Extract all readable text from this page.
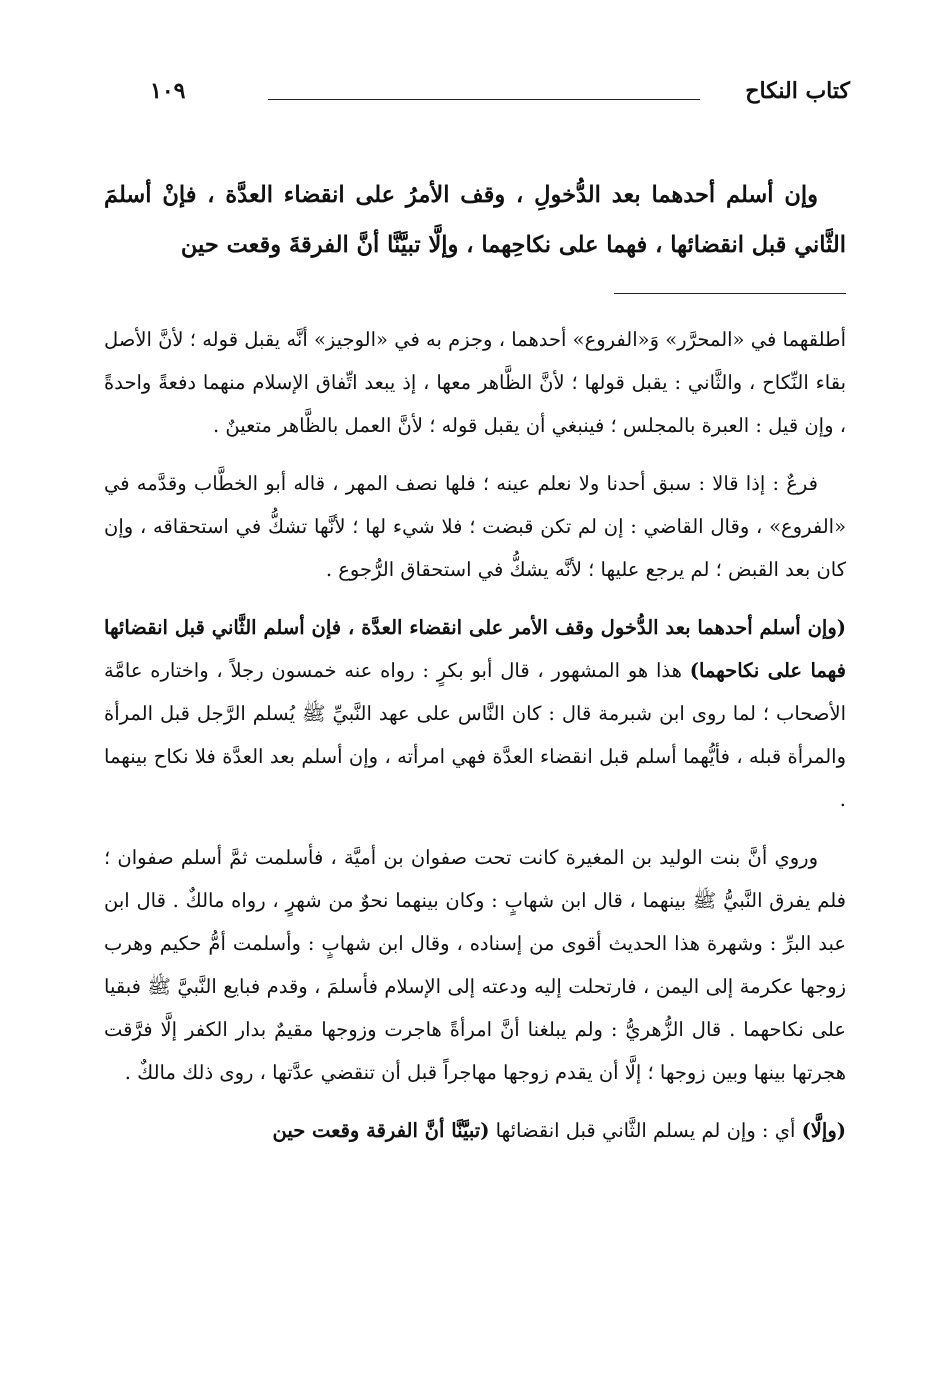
كتاب النكاح
١٠٩

وإن أسلم أحدهما بعد الدُّخولِ ، وقف الأمرُ على انقضاء العدَّة ، فإنْ أسلمَ الثَّاني قبل انقضائها ، فهما على نكاحِهما ، وإلَّا تبيَّنَّا أنَّ الفرقةَ وقعت حين

أطلقهما في «المحرَّر» وَ«الفروع» أحدهما ، وجزم به في «الوجيز» أنَّه يقبل قوله ؛ لأنَّ الأصل بقاء النِّكاح ، والثَّاني : يقبل قولها ؛ لأنَّ الظَّاهر معها ، إذ يبعد اتِّفاق الإسلام منهما دفعةً واحدةً ، وإن قيل : العبرة بالمجلس ؛ فينبغي أن يقبل قوله ؛ لأنَّ العمل بالظَّاهر متعينٌ .

فرعٌ : إذا قالا : سبق أحدنا ولا نعلم عينه ؛ فلها نصف المهر ، قاله أبو الخطَّاب وقدَّمه في «الفروع» ، وقال القاضي : إن لم تكن قبضت ؛ فلا شيء لها ؛ لأنَّها تشكُّ في استحقاقه ، وإن كان بعد القبض ؛ لم يرجع عليها ؛ لأنَّه يشكُّ في استحقاق الرُّجوع .

(وإن أسلم أحدهما بعد الدُّخول وقف الأمر على انقضاء العدَّة ، فإن أسلم الثَّاني قبل انقضائها فهما على نكاحهما) هذا هو المشهور ، قال أبو بكرٍ : رواه عنه خمسون رجلاً ، واختاره عامَّة الأصحاب ؛ لما روى ابن شبرمة قال : كان النَّاس على عهد النَّبيِّ ﷺ يُسلم الرَّجل قبل المرأة والمرأة قبله ، فأيُّهما أسلم قبل انقضاء العدَّة فهي امرأته ، وإن أسلم بعد العدَّة فلا نكاح بينهما .

وروي أنَّ بنت الوليد بن المغيرة كانت تحت صفوان بن أميَّة ، فأسلمت ثمَّ أسلم صفوان ؛ فلم يفرق النَّبيُّ ﷺ بينهما ، قال ابن شهابٍ : وكان بينهما نحوٌ من شهرٍ ، رواه مالكٌ . قال ابن عبد البرِّ : وشهرة هذا الحديث أقوى من إسناده ، وقال ابن شهابٍ : وأسلمت أمُّ حكيم وهرب زوجها عكرمة إلى اليمن ، فارتحلت إليه ودعته إلى الإسلام فأسلمَ ، وقدم فبايع النَّبيَّ ﷺ فبقيا على نكاحهما . قال الزُّهريُّ : ولم يبلغنا أنَّ امرأةً هاجرت وزوجها مقيمٌ بدار الكفر إلَّا فرَّقت هجرتها بينها وبين زوجها ؛ إلَّا أن يقدم زوجها مهاجراً قبل أن تنقضي عدَّتها ، روى ذلك مالكٌ .

(وإلَّا) أي : وإن لم يسلم الثَّاني قبل انقضائها (تبيَّنَّا أنَّ الفرقة وقعت حين
